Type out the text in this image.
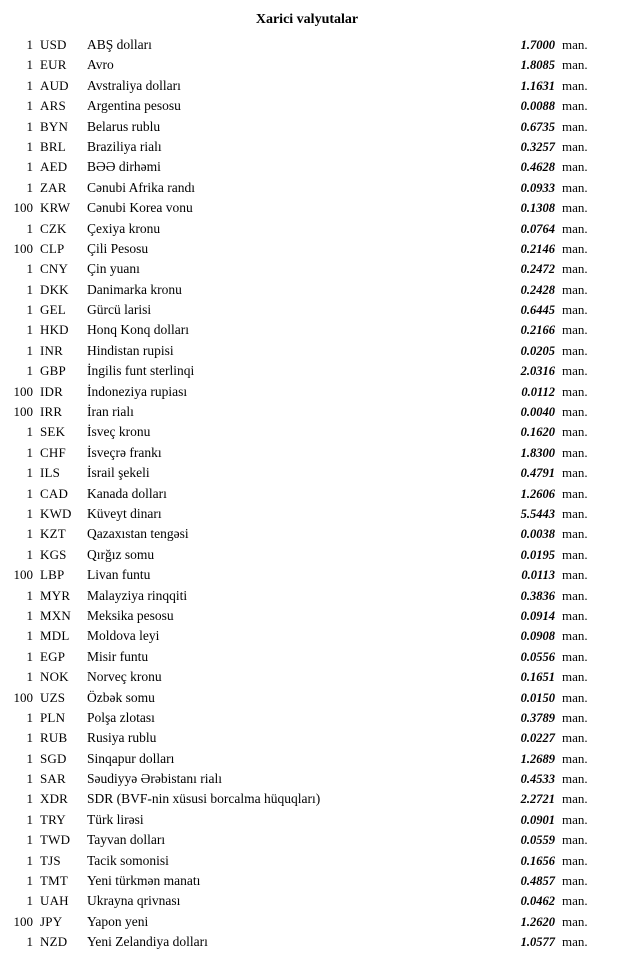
Xarici valyutalar
1 USD	ABŞ dolları	1.7000 man.
1 EUR	Avro	1.8085 man.
1 AUD	Avstraliya dolları	1.1631 man.
1 ARS	Argentina pesosu	0.0088 man.
1 BYN	Belarus rublu	0.6735 man.
1 BRL	Braziliya rialı	0.3257 man.
1 AED	BƏƏ dirhəmi	0.4628 man.
1 ZAR	Cənubi Afrika randı	0.0933 man.
100 KRW	Cənubi Korea vonu	0.1308 man.
1 CZK	Çexiya kronu	0.0764 man.
100 CLP	Çili Pesosu	0.2146 man.
1 CNY	Çin yuanı	0.2472 man.
1 DKK	Danimarka kronu	0.2428 man.
1 GEL	Gürcü larisi	0.6445 man.
1 HKD	Honq Konq dolları	0.2166 man.
1 INR	Hindistan rupisi	0.0205 man.
1 GBP	İngilis funt sterlinqi	2.0316 man.
100 IDR	İndoneziya rupiası	0.0112 man.
100 IRR	İran rialı	0.0040 man.
1 SEK	İsveç kronu	0.1620 man.
1 CHF	İsveçrə frankı	1.8300 man.
1 ILS	İsrail şekeli	0.4791 man.
1 CAD	Kanada dolları	1.2606 man.
1 KWD	Küveyt dinarı	5.5443 man.
1 KZT	Qazaxıstan tengəsi	0.0038 man.
1 KGS	Qırğız somu	0.0195 man.
100 LBP	Livan funtu	0.0113 man.
1 MYR	Malayziya rinqqiti	0.3836 man.
1 MXN	Meksika pesosu	0.0914 man.
1 MDL	Moldova leyi	0.0908 man.
1 EGP	Misir funtu	0.0556 man.
1 NOK	Norveç kronu	0.1651 man.
100 UZS	Özbək somu	0.0150 man.
1 PLN	Polşa zlotası	0.3789 man.
1 RUB	Rusiya rublu	0.0227 man.
1 SGD	Sinqapur dolları	1.2689 man.
1 SAR	Səudiyyə Ərəbistanı rialı	0.4533 man.
1 XDR	SDR (BVF-nin xüsusi borcalma hüquqları)	2.2721 man.
1 TRY	Türk lirəsi	0.0901 man.
1 TWD	Tayvan dolları	0.0559 man.
1 TJS	Tacik somonisi	0.1656 man.
1 TMT	Yeni türkmən manatı	0.4857 man.
1 UAH	Ukrayna qrivnası	0.0462 man.
100 JPY	Yapon yeni	1.2620 man.
1 NZD	Yeni Zelandiya dolları	1.0577 man.
